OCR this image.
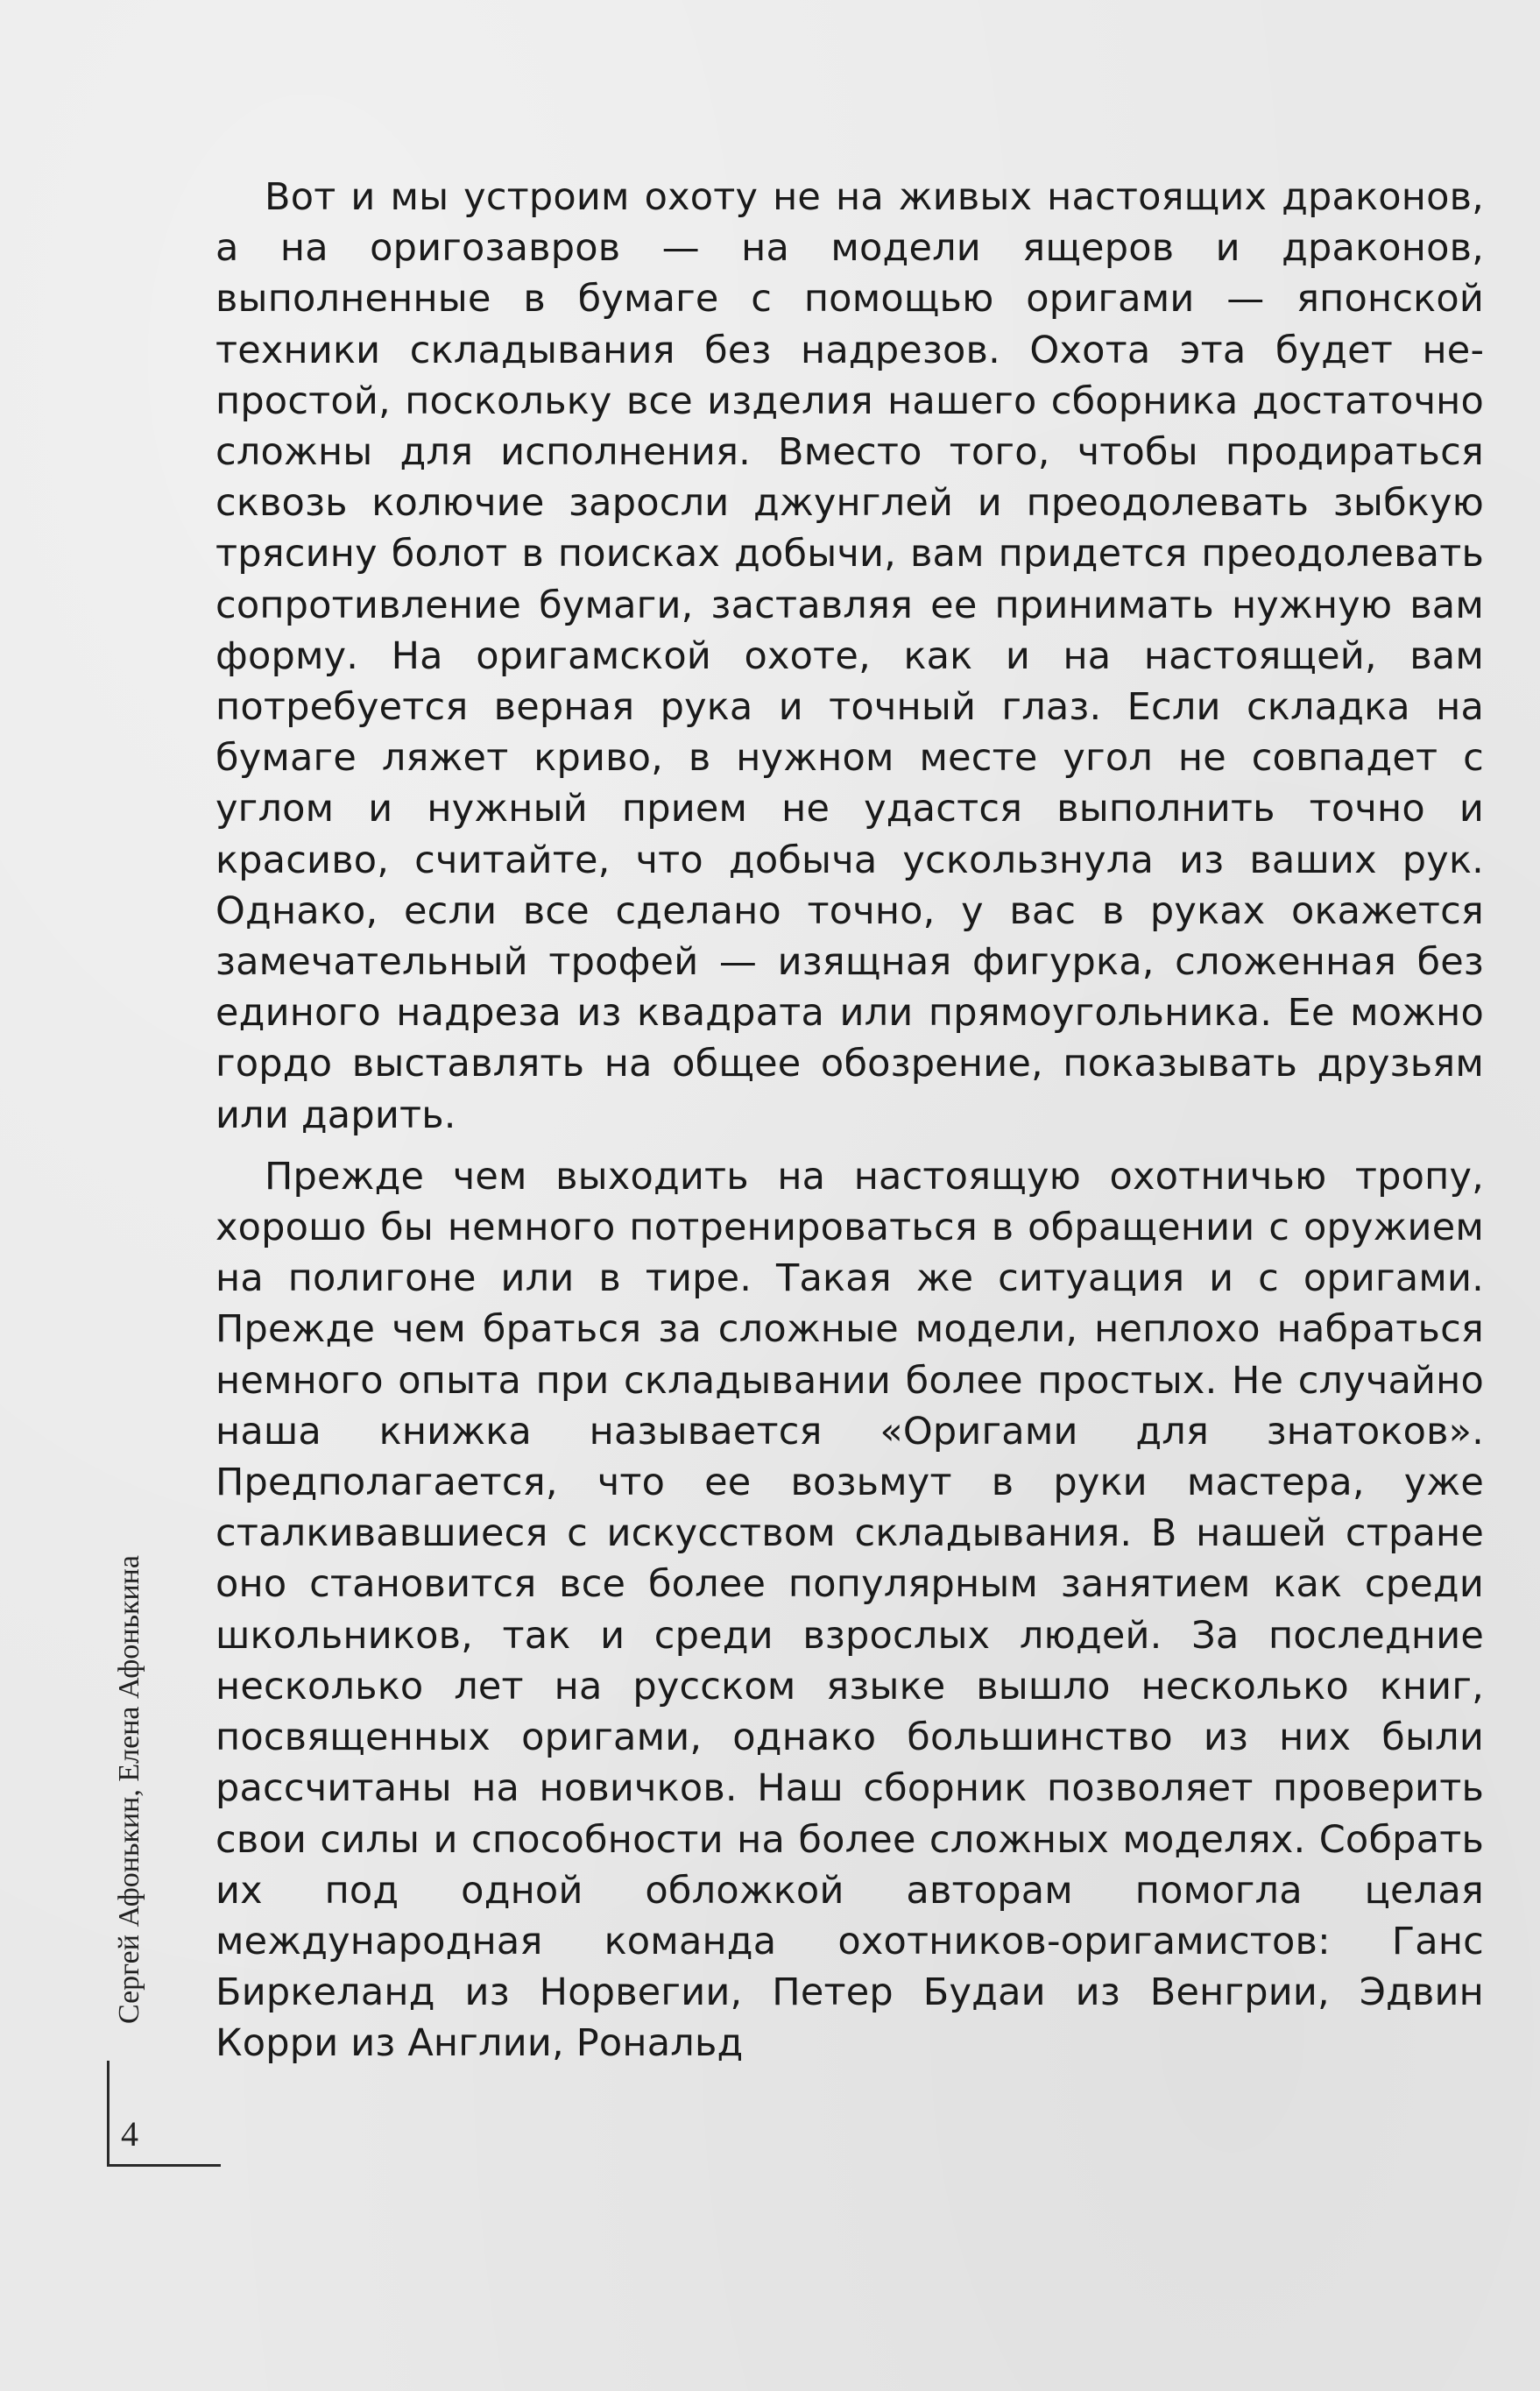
Вот и мы устроим охоту не на живых настоящих драконов, а на оригозавров — на модели ящеров и драконов, выполненные в бумаге с помощью оригами — японской техники складывания без надрезов. Охота эта будет непростой, поскольку все изделия нашего сборника достаточно сложны для исполнения. Вместо того, чтобы продираться сквозь колючие заросли джунглей и преодолевать зыбкую трясину болот в поисках добычи, вам придется преодолевать сопротивление бумаги, заставляя ее принимать нужную вам форму. На оригамской охоте, как и на настоящей, вам потребуется верная рука и точный глаз. Если складка на бумаге ляжет криво, в нужном месте угол не совпадет с углом и нужный прием не удастся выполнить точно и красиво, считайте, что добыча ускользнула из ваших рук. Однако, если все сделано точно, у вас в руках окажется замечательный трофей — изящная фигурка, сложенная без единого надреза из квадрата или прямоугольника. Ее можно гордо выставлять на общее обозрение, показывать друзьям или дарить.

Прежде чем выходить на настоящую охотничью тропу, хорошо бы немного потренироваться в обращении с оружием на полигоне или в тире. Такая же ситуация и с оригами. Прежде чем браться за сложные модели, неплохо набраться немного опыта при складывании более простых. Не случайно наша книжка называется «Оригами для знатоков». Предполагается, что ее возьмут в руки мастера, уже сталкивавшиеся с искусством складывания. В нашей стране оно становится все более популярным занятием как среди школьников, так и среди взрослых людей. За последние несколько лет на русском языке вышло несколько книг, посвященных оригами, однако большинство из них были рассчитаны на новичков. Наш сборник позволяет проверить свои силы и способности на более сложных моделях. Собрать их под одной обложкой авторам помогла целая международная команда охотников-оригамистов: Ганс Биркеланд из Норвегии, Петер Будаи из Венгрии, Эдвин Корри из Англии, Рональд

Сергей Афонькин, Елена Афонькина
4
